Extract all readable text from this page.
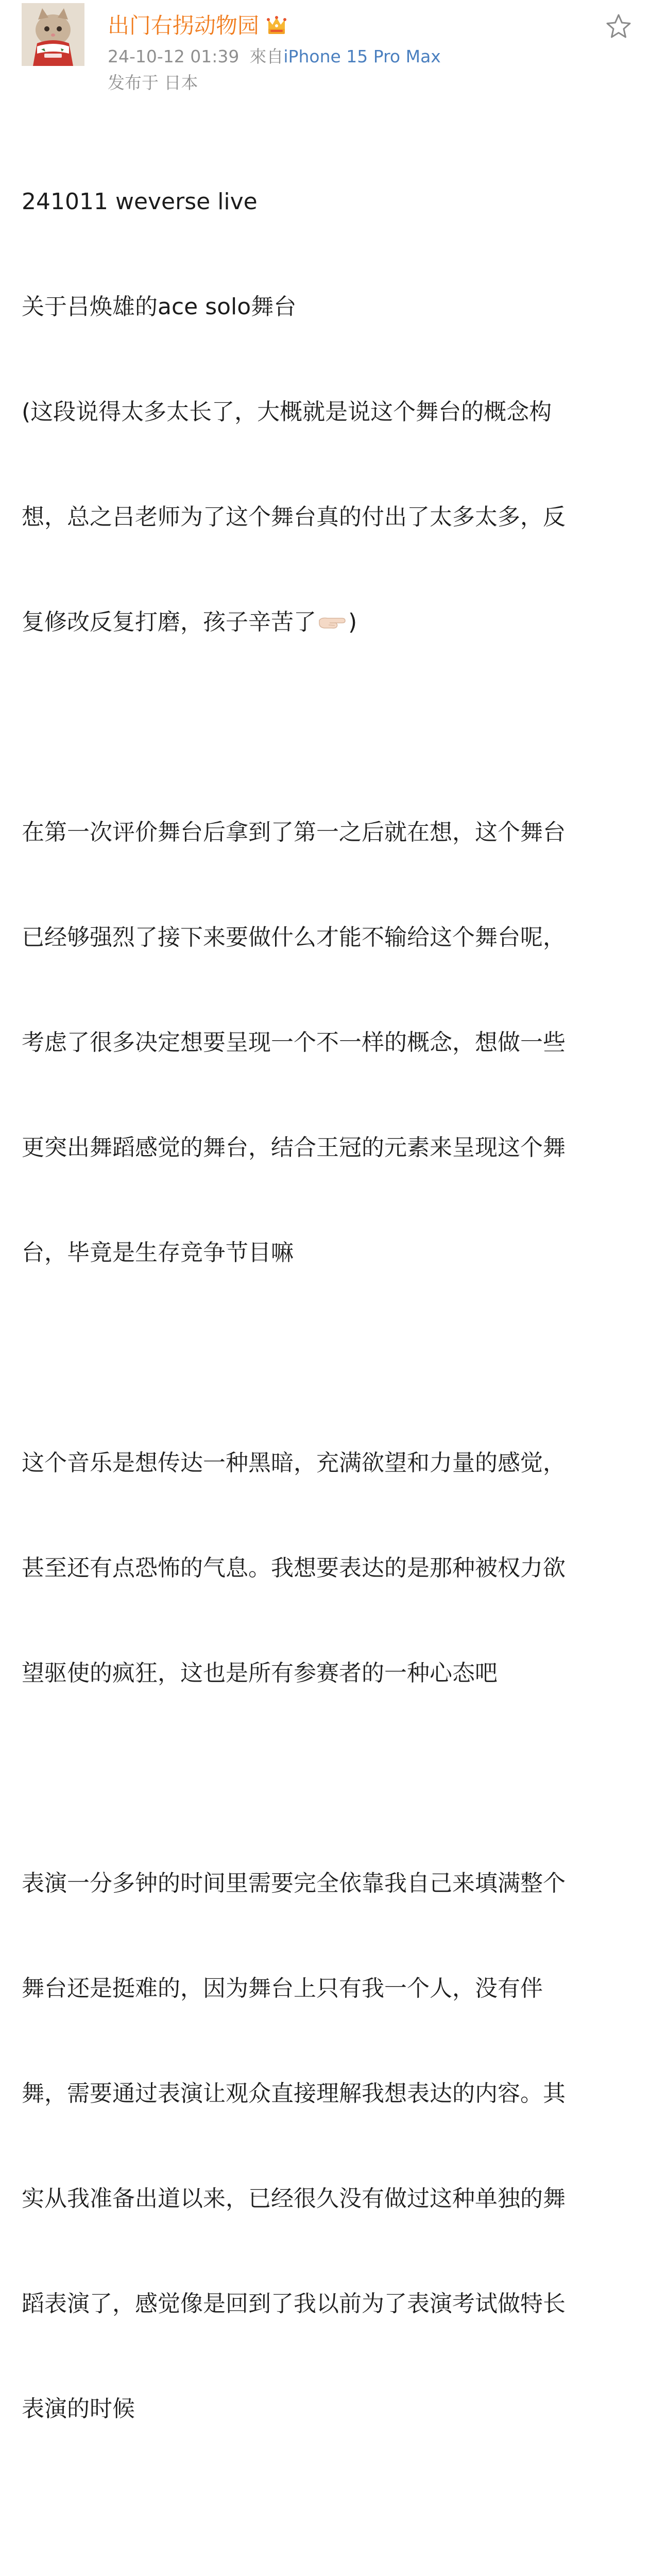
出门右拐动物园
24-10-12 01:39 來自iPhone 15 Pro Max
发布于 日本

241011 weverse live

关于吕焕雄的ace solo舞台

(这段说得太多太长了，大概就是说这个舞台的概念构

想，总之吕老师为了这个舞台真的付出了太多太多，反

复修改反复打磨，孩子辛苦了 )

在第一次评价舞台后拿到了第一之后就在想，这个舞台

已经够强烈了接下来要做什么才能不输给这个舞台呢，

考虑了很多决定想要呈现一个不一样的概念，想做一些

更突出舞蹈感觉的舞台，结合王冠的元素来呈现这个舞

台，毕竟是生存竞争节目嘛

这个音乐是想传达一种黑暗，充满欲望和力量的感觉，

甚至还有点恐怖的气息。我想要表达的是那种被权力欲

望驱使的疯狂，这也是所有参赛者的一种心态吧

表演一分多钟的时间里需要完全依靠我自己来填满整个

舞台还是挺难的，因为舞台上只有我一个人，没有伴

舞，需要通过表演让观众直接理解我想表达的内容。其

实从我准备出道以来，已经很久没有做过这种单独的舞

蹈表演了，感觉像是回到了我以前为了表演考试做特长

表演的时候
